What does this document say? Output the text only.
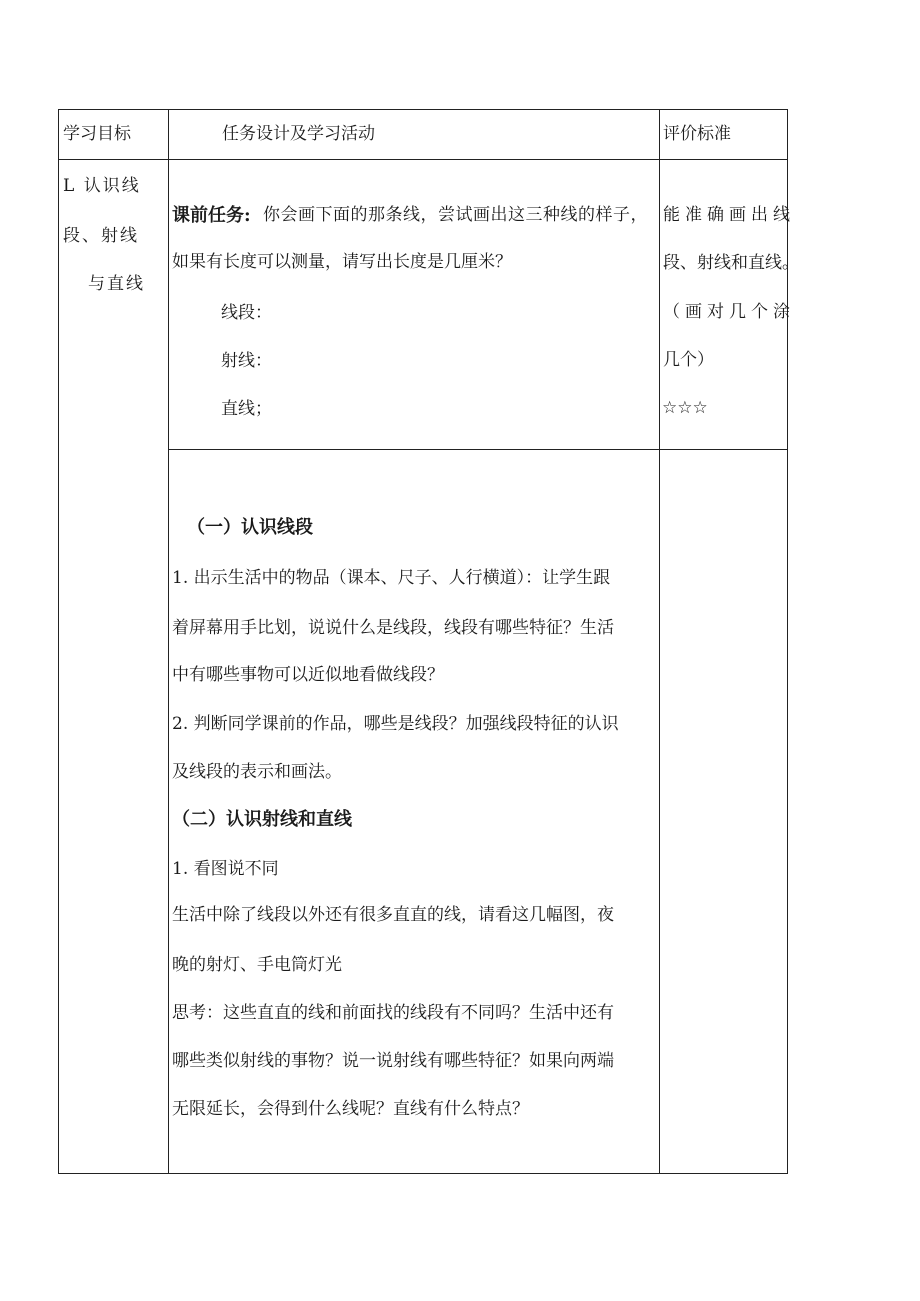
学习目标	任务设计及学习活动	评价标准
L 认识线
段、射线
与直线
课前任务: 你会画下面的那条线，尝试画出这三种线的样子，
如果有长度可以测量，请写出长度是几厘米？
线段：
射线：
直线；
能准确画出线
段、射线和直线。
（画对几个涂
几个）
☆☆☆
（一）认识线段
1. 出示生活中的物品（课本、尺子、人行横道）：让学生跟
着屏幕用手比划，说说什么是线段，线段有哪些特征？生活
中有哪些事物可以近似地看做线段？
2. 判断同学课前的作品，哪些是线段？加强线段特征的认识
及线段的表示和画法。
（二）认识射线和直线
1. 看图说不同
生活中除了线段以外还有很多直直的线，请看这几幅图，夜
晚的射灯、手电筒灯光
思考：这些直直的线和前面找的线段有不同吗？生活中还有
哪些类似射线的事物？说一说射线有哪些特征？如果向两端
无限延长，会得到什么线呢？直线有什么特点？
